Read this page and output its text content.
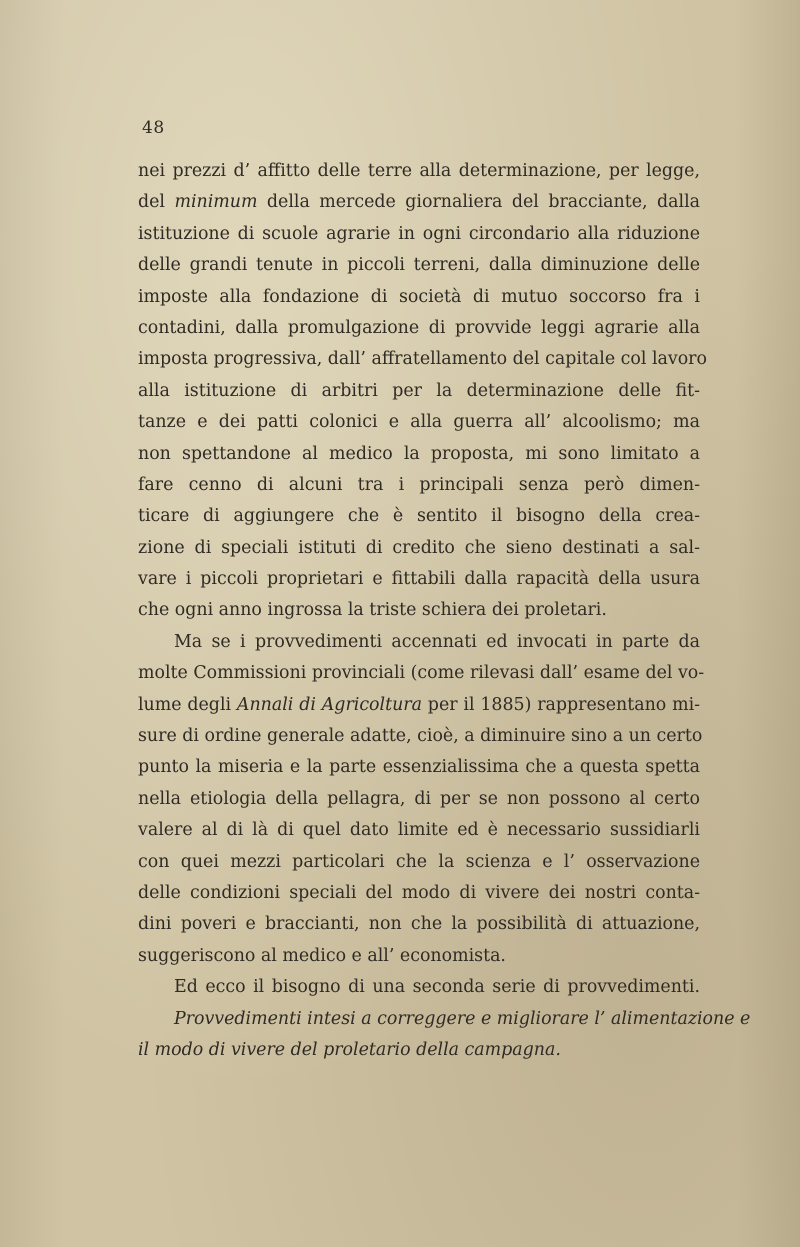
48
nei prezzi d’ affitto delle terre alla determinazione, per legge,
del minimum della mercede giornaliera del bracciante, dalla
istituzione di scuole agrarie in ogni circondario alla riduzione
delle grandi tenute in piccoli terreni, dalla diminuzione delle
imposte alla fondazione di società di mutuo soccorso fra i
contadini, dalla promulgazione di provvide leggi agrarie alla
imposta progressiva, dall’ affratellamento del capitale col lavoro
alla istituzione di arbitri per la determinazione delle fit-
tanze e dei patti colonici e alla guerra all’ alcoolismo; ma
non spettandone al medico la proposta, mi sono limitato a
fare cenno di alcuni tra i principali senza però dimen-
ticare di aggiungere che è sentito il bisogno della crea-
zione di speciali istituti di credito che sieno destinati a sal-
vare i piccoli proprietari e fittabili dalla rapacità della usura
che ogni anno ingrossa la triste schiera dei proletari.
Ma se i provvedimenti accennati ed invocati in parte da
molte Commissioni provinciali (come rilevasi dall’ esame del vo-
lume degli Annali di Agricoltura per il 1885) rappresentano mi-
sure di ordine generale adatte, cioè, a diminuire sino a un certo
punto la miseria e la parte essenzialissima che a questa spetta
nella etiologia della pellagra, di per se non possono al certo
valere al di là di quel dato limite ed è necessario sussidiarli
con quei mezzi particolari che la scienza e l’ osservazione
delle condizioni speciali del modo di vivere dei nostri conta-
dini poveri e braccianti, non che la possibilità di attuazione,
suggeriscono al medico e all’ economista.
Ed ecco il bisogno di una seconda serie di provvedimenti.
Provvedimenti intesi a correggere e migliorare l’ alimentazione e
il modo di vivere del proletario della campagna.
